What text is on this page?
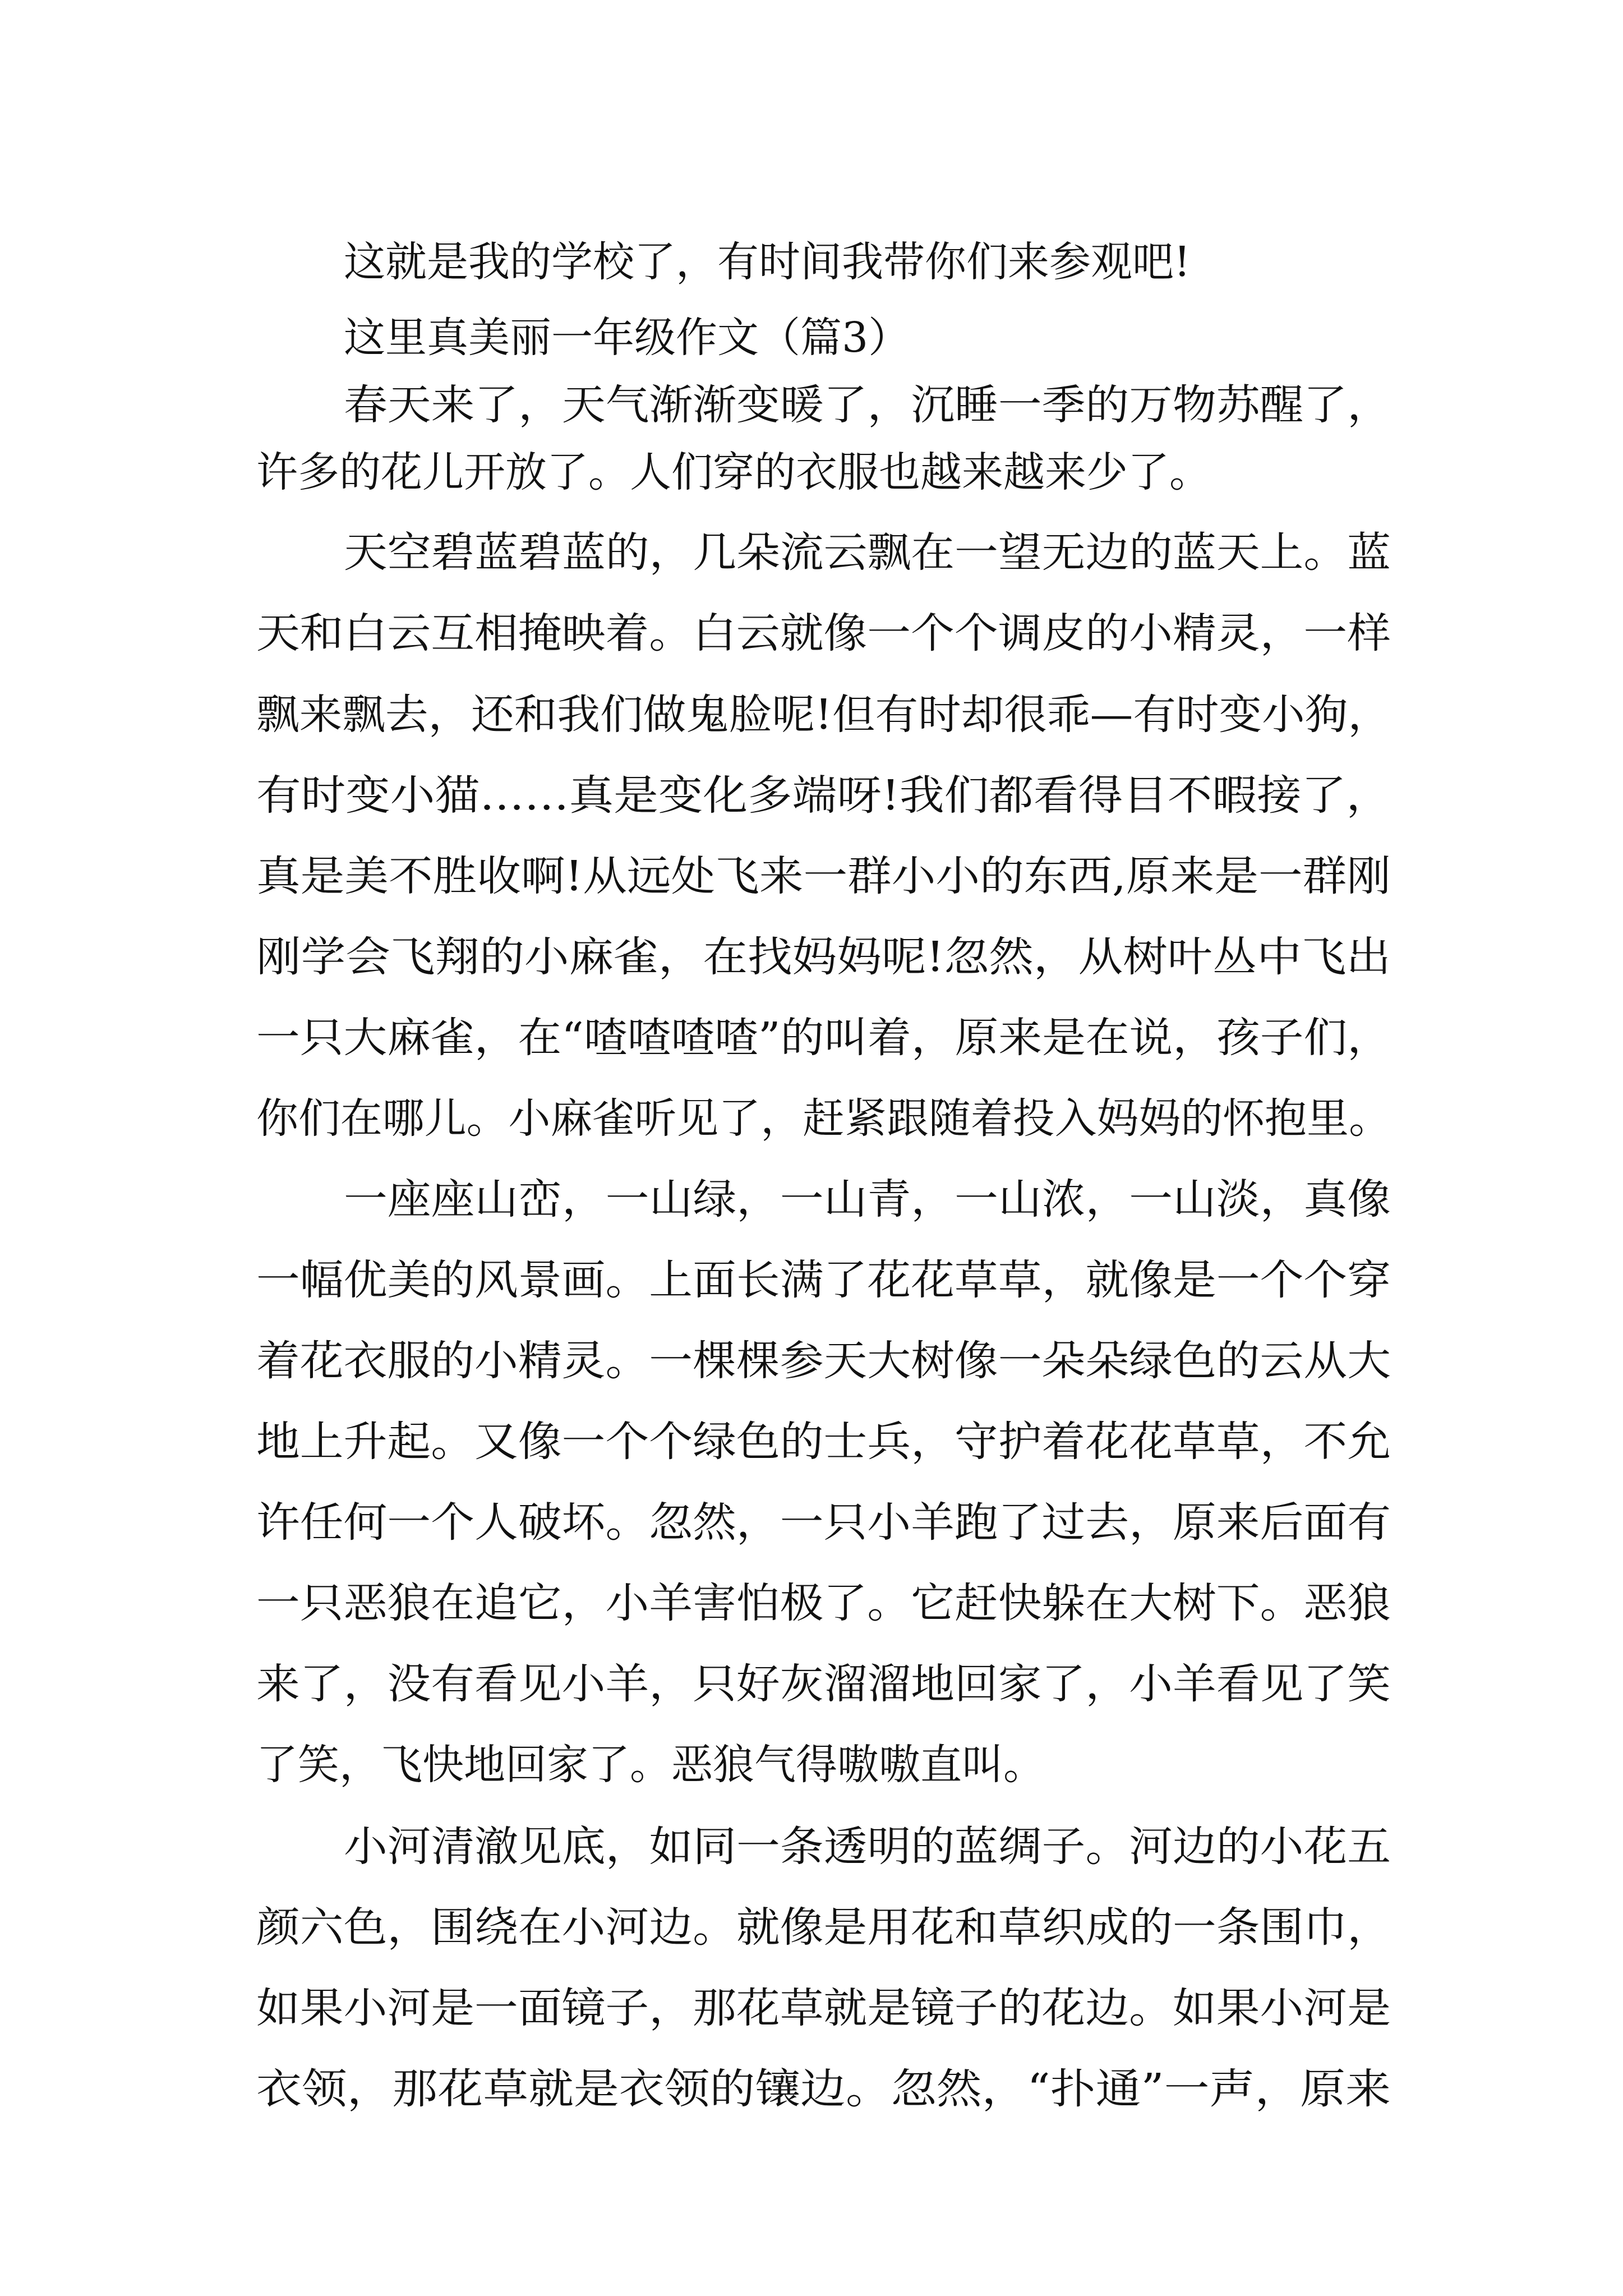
这就是我的学校了，有时间我带你们来参观吧!

这里真美丽一年级作文（篇3）

春天来了，天气渐渐变暖了，沉睡一季的万物苏醒了，

许多的花儿开放了。人们穿的衣服也越来越来少了。

天空碧蓝碧蓝的，几朵流云飘在一望无边的蓝天上。蓝

天和白云互相掩映着。白云就像一个个调皮的小精灵，一样

飘来飘去，还和我们做鬼脸呢!但有时却很乖—有时变小狗，

有时变小猫……真是变化多端呀!我们都看得目不暇接了，

真是美不胜收啊!从远处飞来一群小小的东西,原来是一群刚

刚学会飞翔的小麻雀，在找妈妈呢!忽然，从树叶丛中飞出

一只大麻雀，在“喳喳喳喳”的叫着，原来是在说，孩子们，

你们在哪儿。小麻雀听见了，赶紧跟随着投入妈妈的怀抱里。

一座座山峦，一山绿，一山青，一山浓，一山淡，真像

一幅优美的风景画。上面长满了花花草草，就像是一个个穿

着花衣服的小精灵。一棵棵参天大树像一朵朵绿色的云从大

地上升起。又像一个个绿色的士兵，守护着花花草草，不允

许任何一个人破坏。忽然，一只小羊跑了过去，原来后面有

一只恶狼在追它，小羊害怕极了。它赶快躲在大树下。恶狼

来了，没有看见小羊，只好灰溜溜地回家了，小羊看见了笑

了笑，飞快地回家了。恶狼气得嗷嗷直叫。

小河清澈见底，如同一条透明的蓝绸子。河边的小花五

颜六色，围绕在小河边。就像是用花和草织成的一条围巾，

如果小河是一面镜子，那花草就是镜子的花边。如果小河是

衣领，那花草就是衣领的镶边。忽然，“扑通”一声，原来
